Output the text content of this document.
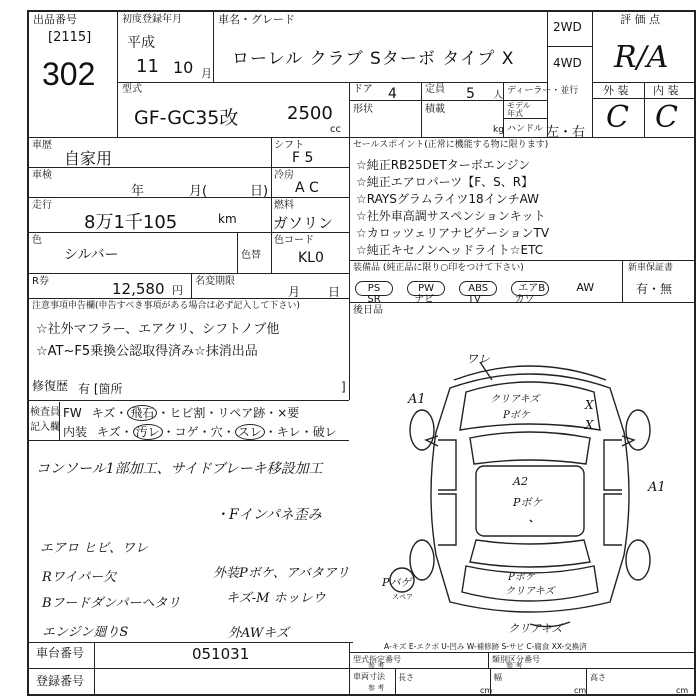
出品番号
[2115]
302
初度登録年月
平成
11 10 月
車名・グレード
ローレル クラブ Sターボ タイプ X
2WD
4WD
評 価 点
R/A
外 装 内 装
C C
型式
GF-GC35改	2500
cc
ドア 4	定員 5 人 ディーラー・並行
形状	積載
kg
モデル年式
ハンドル 左・右
車歴
自家用
シフト
F 5
車検
年	月(	日)
冷房
A C
走行
8万1千105	km
燃料
ガソリン
色
シルバー	色替
色コード
KL0
R券	12,580 円
名変期限
月 日
注意事項申告欄(申告すべき事項がある場合は必ず記入して下さい)
☆社外マフラー、エアクリ、シフトノブ他
☆AT~F5乗換公認取得済み☆抹消出品
修復歴 有 [箇所	]
セールスポイント(正常に機能する物に限ります)
☆純正RB25DETターボエンジン
☆純正エアロパーツ【F、S、R】
☆RAYSグラムライツ18インチAW
☆社外車高調サスペンションキット
☆カロッツェリアナビゲーションTV
☆純正キセノンヘッドライト☆ETC
装備品 (純正品に限り○印をつけて下さい)
PS	PW	ABS	エアB	AW
SR	ナビ	TV	カワ
新車保証書
有・無
後日品
検査員
記入欄
FW キズ・ 飛石 ・ヒビ割・リペア跡・×要
内装 キズ・ 汚レ ・コゲ・穴・ スレ ・キレ・破レ
コンソール1部加工、サイドブレーキ移設加工
・Fインパネ歪み
エアロ ヒビ、ワレ
Rワイパー欠	外装Pボケ、アバタアリ
Bフードダンパーヘタリ	キズ-M ホッレウ
エンジン廻りS	外AWキズ
ワレ
A1
A1
クリアキズ
Pボケ
X
X
A2
Pボケ
Pボケ
クリアキズ
クリアキズ
Pバゲ
スペア
A-キズ E-エクボ U-凹み W-補修跡 S-サビ C-腐食 XX-交換済
車台番号	051031
登録番号
型式指定番号
参 考
類別区分番号
参 考
車両寸法
参 考
長さ
cm
幅
cm
高さ
cm
